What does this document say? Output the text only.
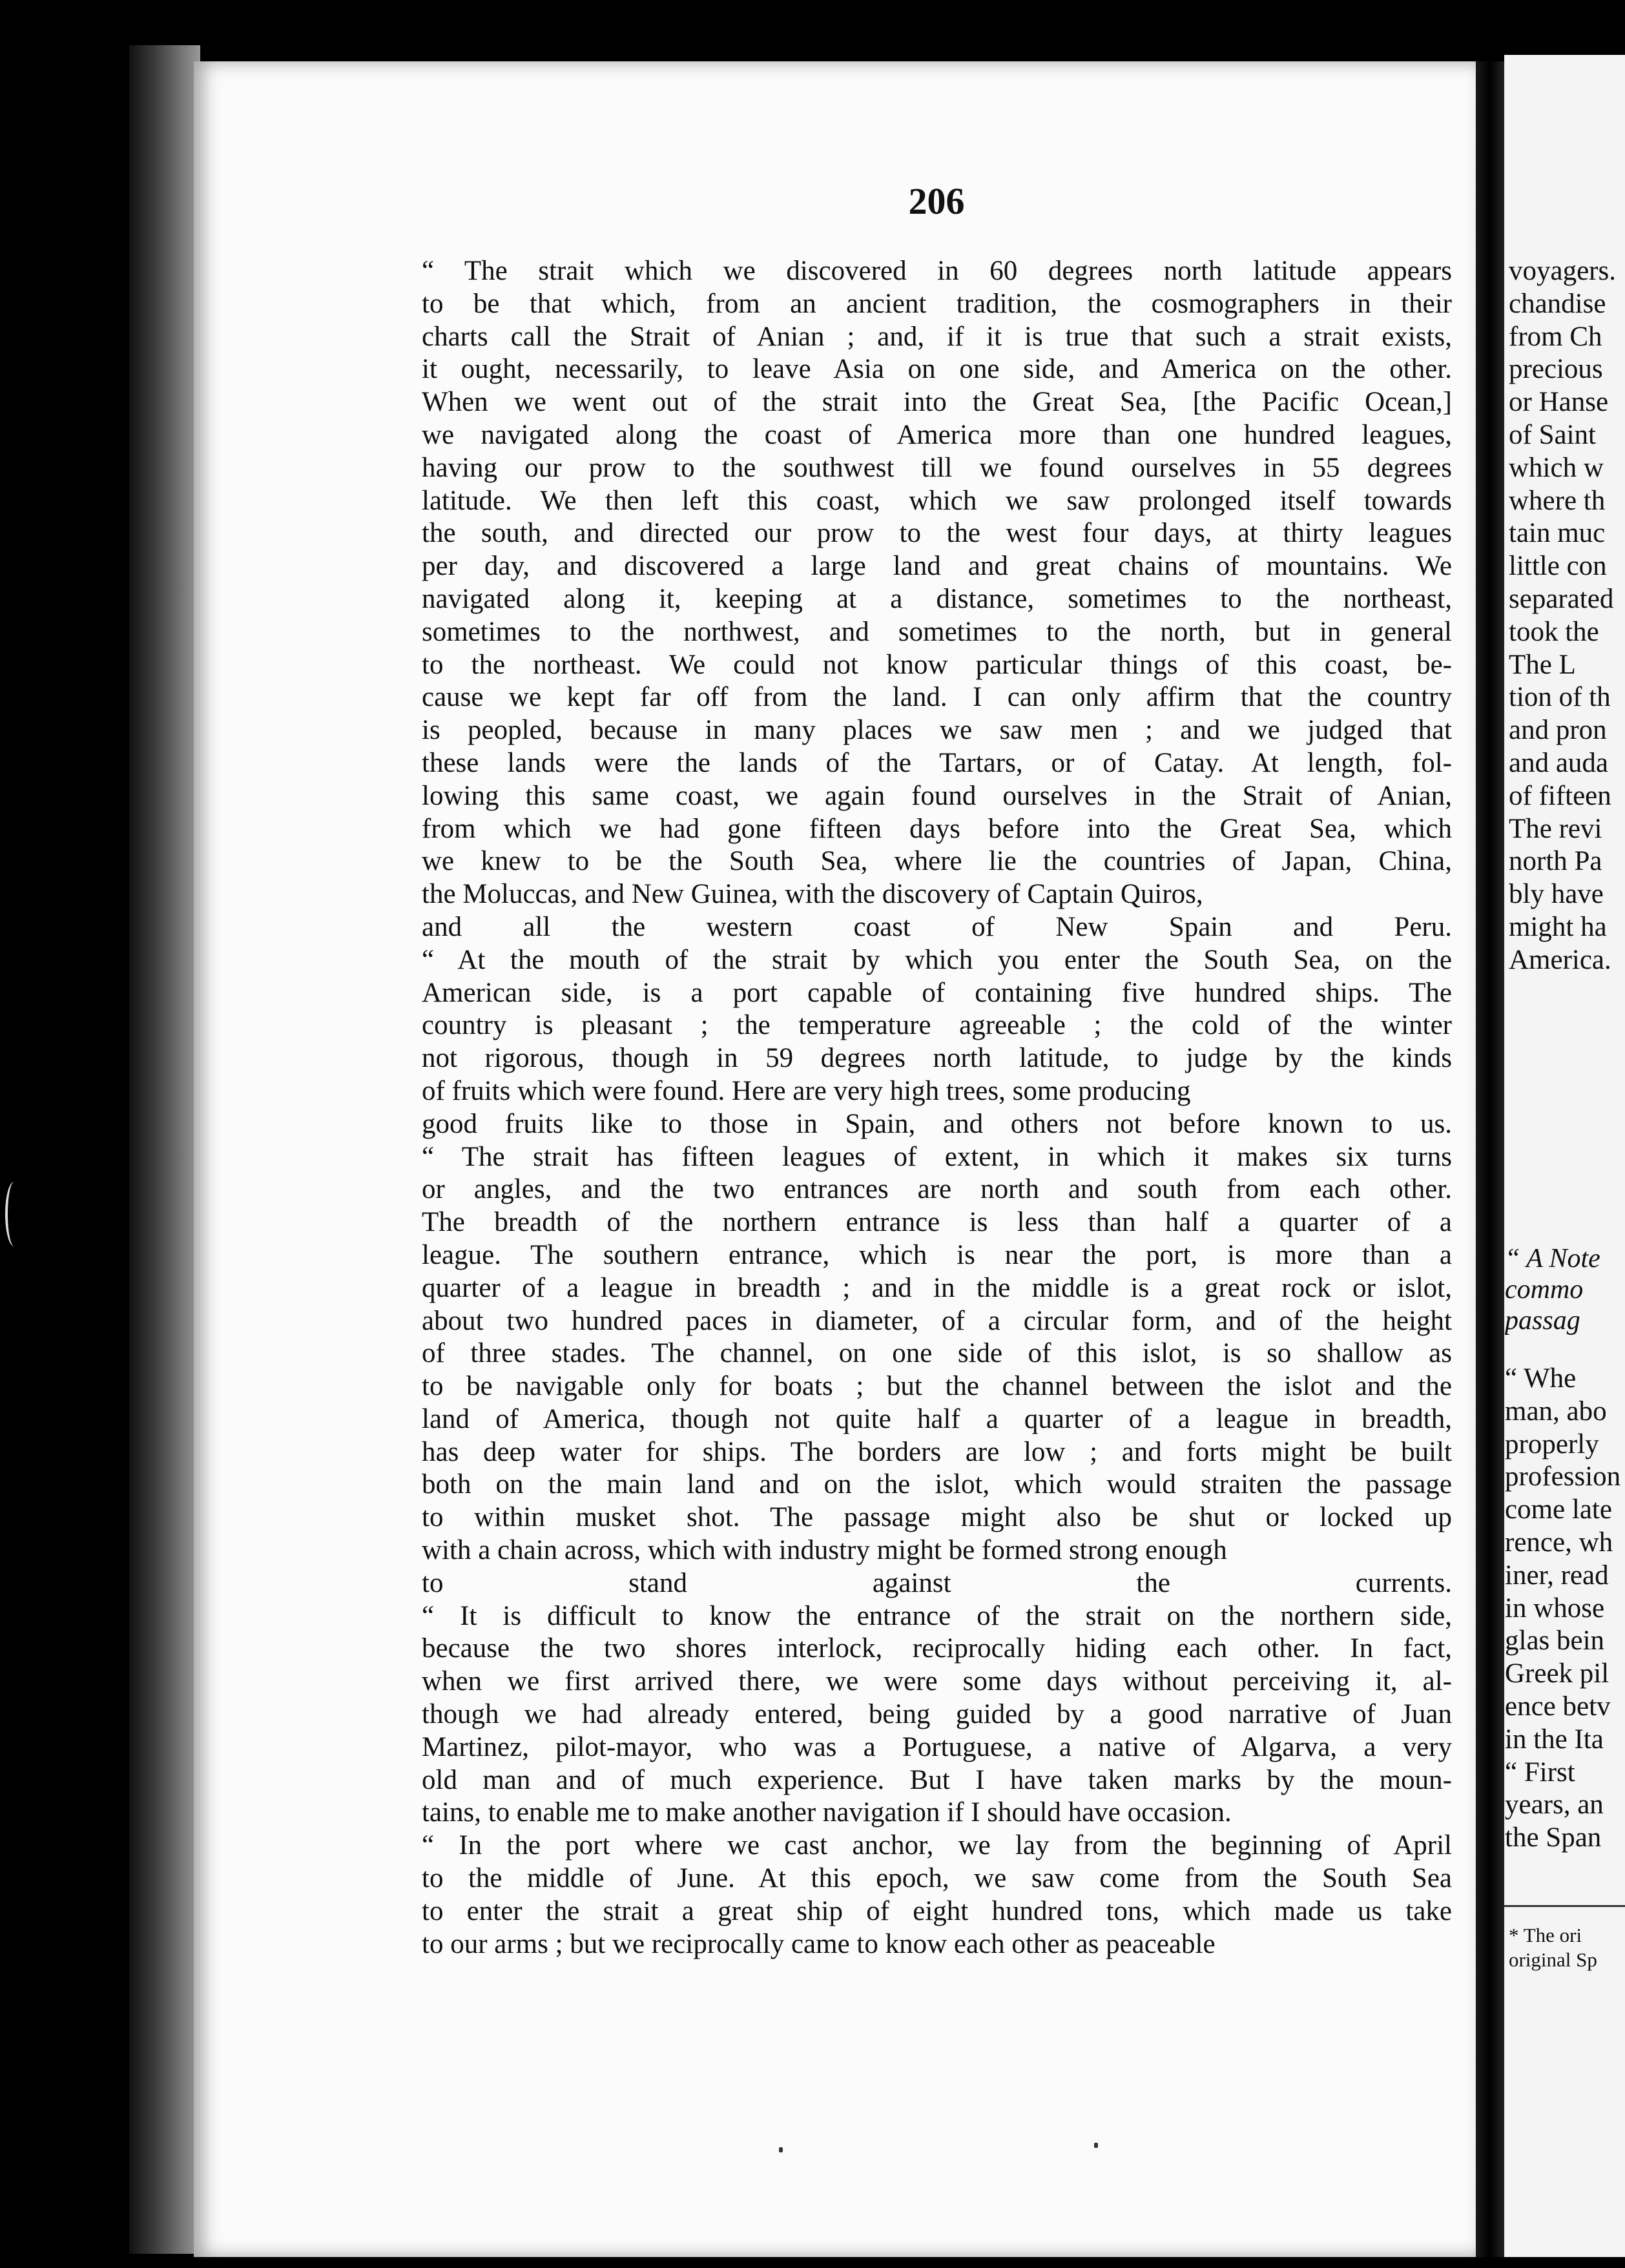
206
“ The strait which we discovered in 60 degrees north latitude appears
to be that which, from an ancient tradition, the cosmographers in their
charts call the Strait of Anian ; and, if it is true that such a strait exists,
it ought, necessarily, to leave Asia on one side, and America on the other.
When we went out of the strait into the Great Sea, [the Pacific Ocean,]
we navigated along the coast of America more than one hundred leagues,
having our prow to the southwest till we found ourselves in 55 degrees
latitude. We then left this coast, which we saw prolonged itself towards
the south, and directed our prow to the west four days, at thirty leagues
per day, and discovered a large land and great chains of mountains. We
navigated along it, keeping at a distance, sometimes to the northeast,
sometimes to the northwest, and sometimes to the north, but in general
to the northeast. We could not know particular things of this coast, be-
cause we kept far off from the land. I can only affirm that the country
is peopled, because in many places we saw men ; and we judged that
these lands were the lands of the Tartars, or of Catay. At length, fol-
lowing this same coast, we again found ourselves in the Strait of Anian,
from which we had gone fifteen days before into the Great Sea, which
we knew to be the South Sea, where lie the countries of Japan, China,
the Moluccas, and New Guinea, with the discovery of Captain Quiros,
and all the western coast of New Spain and Peru.
“ At the mouth of the strait by which you enter the South Sea, on the
American side, is a port capable of containing five hundred ships. The
country is pleasant ; the temperature agreeable ; the cold of the winter
not rigorous, though in 59 degrees north latitude, to judge by the kinds
of fruits which were found. Here are very high trees, some producing
good fruits like to those in Spain, and others not before known to us.
“ The strait has fifteen leagues of extent, in which it makes six turns
or angles, and the two entrances are north and south from each other.
The breadth of the northern entrance is less than half a quarter of a
league. The southern entrance, which is near the port, is more than a
quarter of a league in breadth ; and in the middle is a great rock or islot,
about two hundred paces in diameter, of a circular form, and of the height
of three stades. The channel, on one side of this islot, is so shallow as
to be navigable only for boats ; but the channel between the islot and the
land of America, though not quite half a quarter of a league in breadth,
has deep water for ships. The borders are low ; and forts might be built
both on the main land and on the islot, which would straiten the passage
to within musket shot. The passage might also be shut or locked up
with a chain across, which with industry might be formed strong enough
to stand against the currents.
“ It is difficult to know the entrance of the strait on the northern side,
because the two shores interlock, reciprocally hiding each other. In fact,
when we first arrived there, we were some days without perceiving it, al-
though we had already entered, being guided by a good narrative of Juan
Martinez, pilot-mayor, who was a Portuguese, a native of Algarva, a very
old man and of much experience. But I have taken marks by the moun-
tains, to enable me to make another navigation if I should have occasion.
“ In the port where we cast anchor, we lay from the beginning of April
to the middle of June. At this epoch, we saw come from the South Sea
to enter the strait a great ship of eight hundred tons, which made us take
to our arms ; but we reciprocally came to know each other as peaceable
voyagers.
chandise
from Ch
precious
or Hanse
of Saint
which w
where th
tain muc
little con
separated
took the
The L
tion of th
and pron
and auda
of fifteen
The revi
north Pa
bly have
might ha
America.
“ A Note
commo
passag
“ Whe
man, abo
properly
profession
come late
rence, wh
iner, read
in whose
glas bein
Greek pil
ence betv
in the Ita
“ First
years, an
the Span
* The ori
original Sp
